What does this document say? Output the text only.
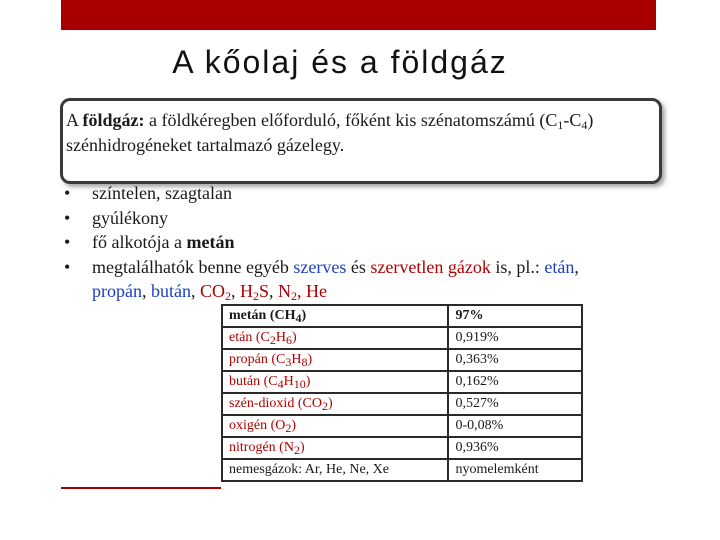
A kőolaj és a földgáz
A földgáz: a földkéregben előforduló, főként kis szénatomszámú $(C_1-C_4)$ szénhidrogéneket tartalmazó gázelegy.
• színtelen, szagtalan
• gyúlékony
• fő alkotója a metán
• megtalálhatók benne egyéb szerves és szervetlen gázok is, pl.: etán,
propán, bután, $CO_2$, $H_2S$, $N_2$, He
metán $(CH_4)$	97%
etán $(C_2H_6)$	0,919%
propán $(C_3H_8)$	0,363%
bután $(C_4H_{10})$	0,162%
szén-dioxid $(CO_2)$	0,527%
oxigén $(O_2)$	0-0,08%
nitrogén $(N_2)$	0,936%
nemesgázok: Ar, He, Ne, Xe	nyomelemként
